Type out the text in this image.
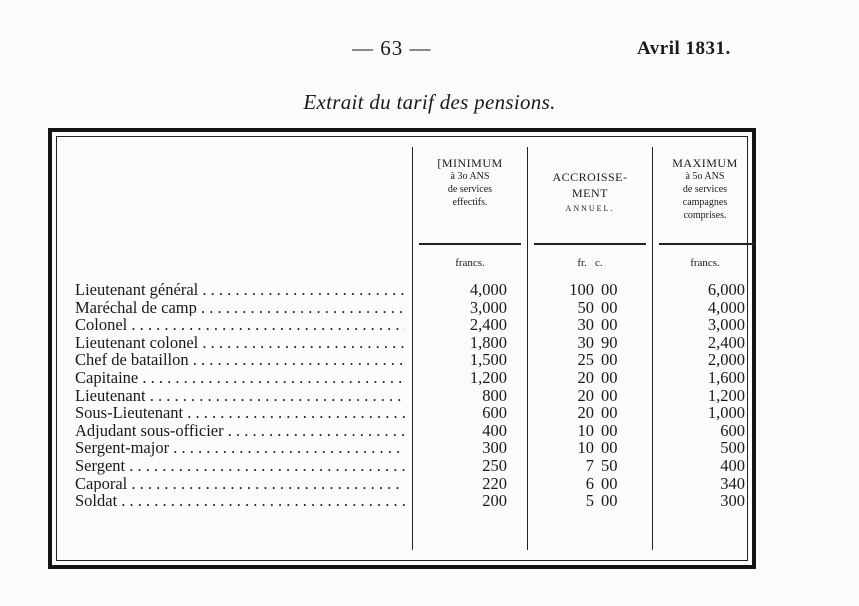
— 63 —	Avril 1831.
Extrait du tarif des pensions.
[MINIMUM
à 3o ANS
de services
effectifs.
ACCROISSE-
MENT
ANNUEL.
MAXIMUM
à 5o ANS
de services
campagnes
comprises.
francs.	fr.   c.	francs.
Lieutenant général . . .	4,000	100 00	6,000
Maréchal de camp . . .	3,000	50 00	4,000
Colonel . . .	2,400	30 00	3,000
Lieutenant colonel . . .	1,800	30 90	2,400
Chef de bataillon . . .	1,500	25 00	2,000
Capitaine . . .	1,200	20 00	1,600
Lieutenant . . .	800	20 00	1,200
Sous-Lieutenant . . .	600	20 00	1,000
Adjudant sous-officier . . .	400	10 00	600
Sergent-major . . .	300	10 00	500
Sergent . . .	250	7 50	400
Caporal . . .	220	6 00	340
Soldat . . .	200	5 00	300
